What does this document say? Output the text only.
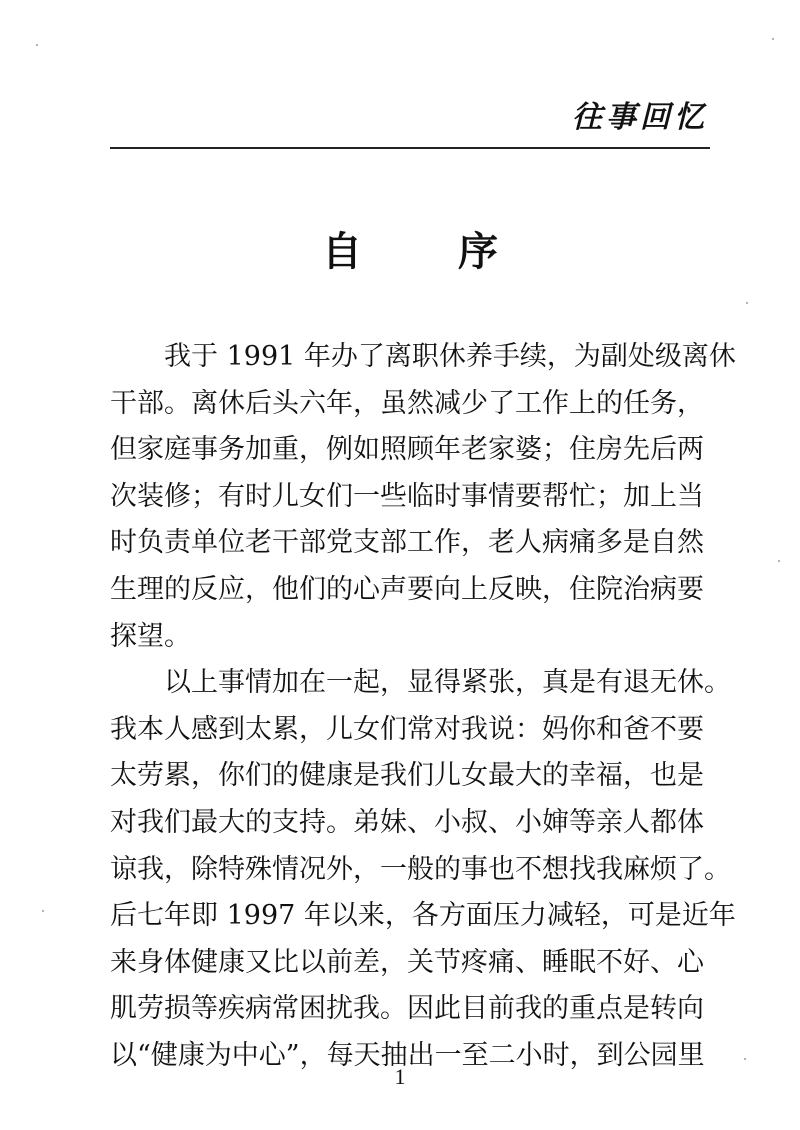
往事回忆
自 序
我于 1991 年办了离职休养手续，为副处级离休
干部。离休后头六年，虽然减少了工作上的任务，
但家庭事务加重，例如照顾年老家婆；住房先后两
次装修；有时儿女们一些临时事情要帮忙；加上当
时负责单位老干部党支部工作，老人病痛多是自然
生理的反应，他们的心声要向上反映，住院治病要
探望。
以上事情加在一起，显得紧张，真是有退无休。
我本人感到太累，儿女们常对我说：妈你和爸不要
太劳累，你们的健康是我们儿女最大的幸福，也是
对我们最大的支持。弟妹、小叔、小婶等亲人都体
谅我，除特殊情况外，一般的事也不想找我麻烦了。
后七年即 1997 年以来，各方面压力减轻，可是近年
来身体健康又比以前差，关节疼痛、睡眠不好、心
肌劳损等疾病常困扰我。因此目前我的重点是转向
以“健康为中心”，每天抽出一至二小时，到公园里
1
